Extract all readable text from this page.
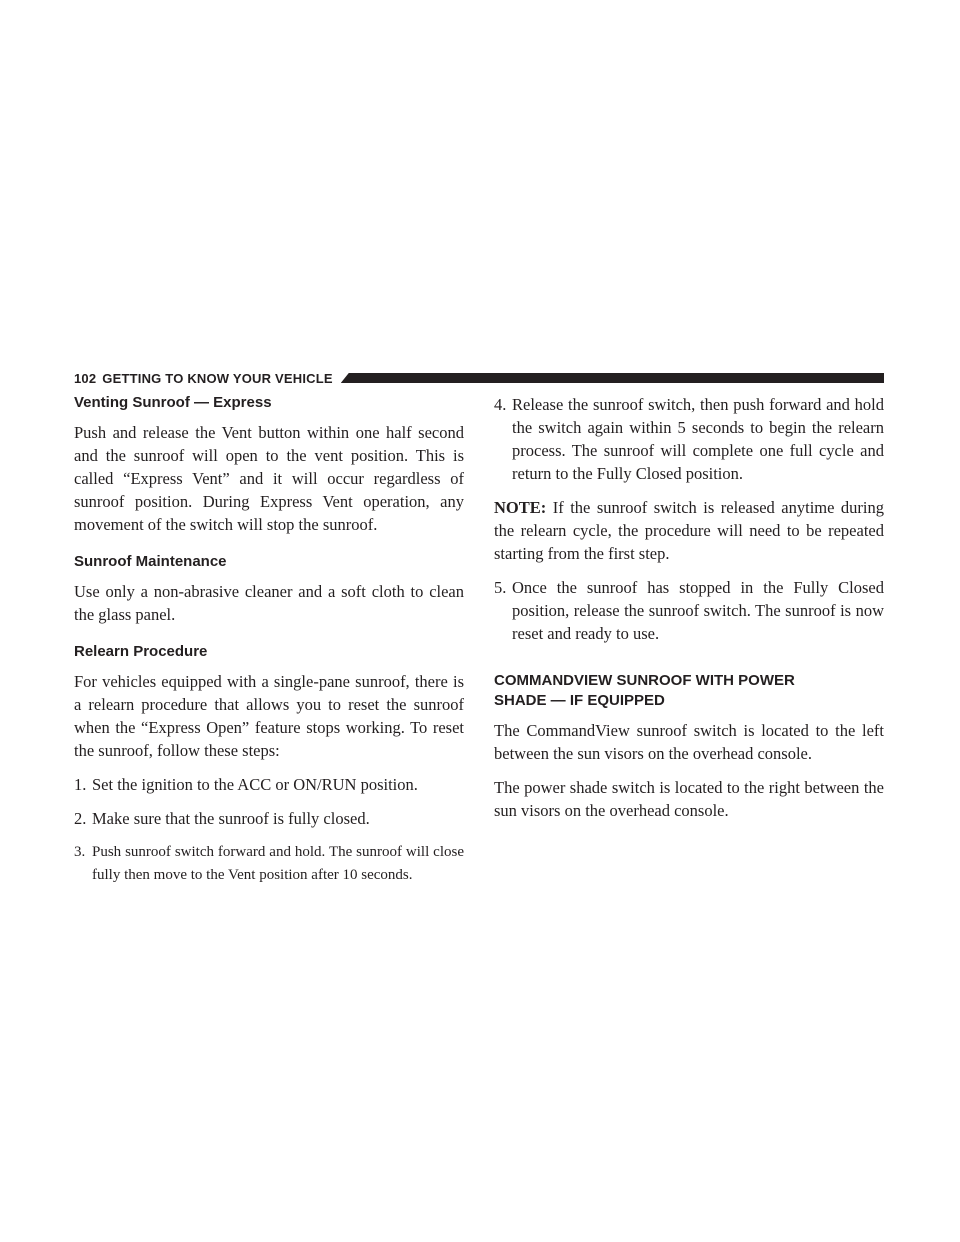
102 GETTING TO KNOW YOUR VEHICLE
Venting Sunroof — Express

Push and release the Vent button within one half second and the sunroof will open to the vent position. This is called “Express Vent” and it will occur regardless of sunroof position. During Express Vent operation, any movement of the switch will stop the sunroof.

Sunroof Maintenance

Use only a non-abrasive cleaner and a soft cloth to clean the glass panel.

Relearn Procedure

For vehicles equipped with a single-pane sunroof, there is a relearn procedure that allows you to reset the sunroof when the “Express Open” feature stops working. To reset the sunroof, follow these steps:

1. Set the ignition to the ACC or ON/RUN position.
2. Make sure that the sunroof is fully closed.
3. Push sunroof switch forward and hold. The sunroof will close fully then move to the Vent position after 10 seconds.
4. Release the sunroof switch, then push forward and hold the switch again within 5 seconds to begin the relearn process. The sunroof will complete one full cycle and return to the Fully Closed position.

NOTE: If the sunroof switch is released anytime during the relearn cycle, the procedure will need to be repeated starting from the first step.

5. Once the sunroof has stopped in the Fully Closed position, release the sunroof switch. The sunroof is now reset and ready to use.
COMMANDVIEW SUNROOF WITH POWER
SHADE — IF EQUIPPED

The CommandView sunroof switch is located to the left between the sun visors on the overhead console.

The power shade switch is located to the right between the sun visors on the overhead console.
